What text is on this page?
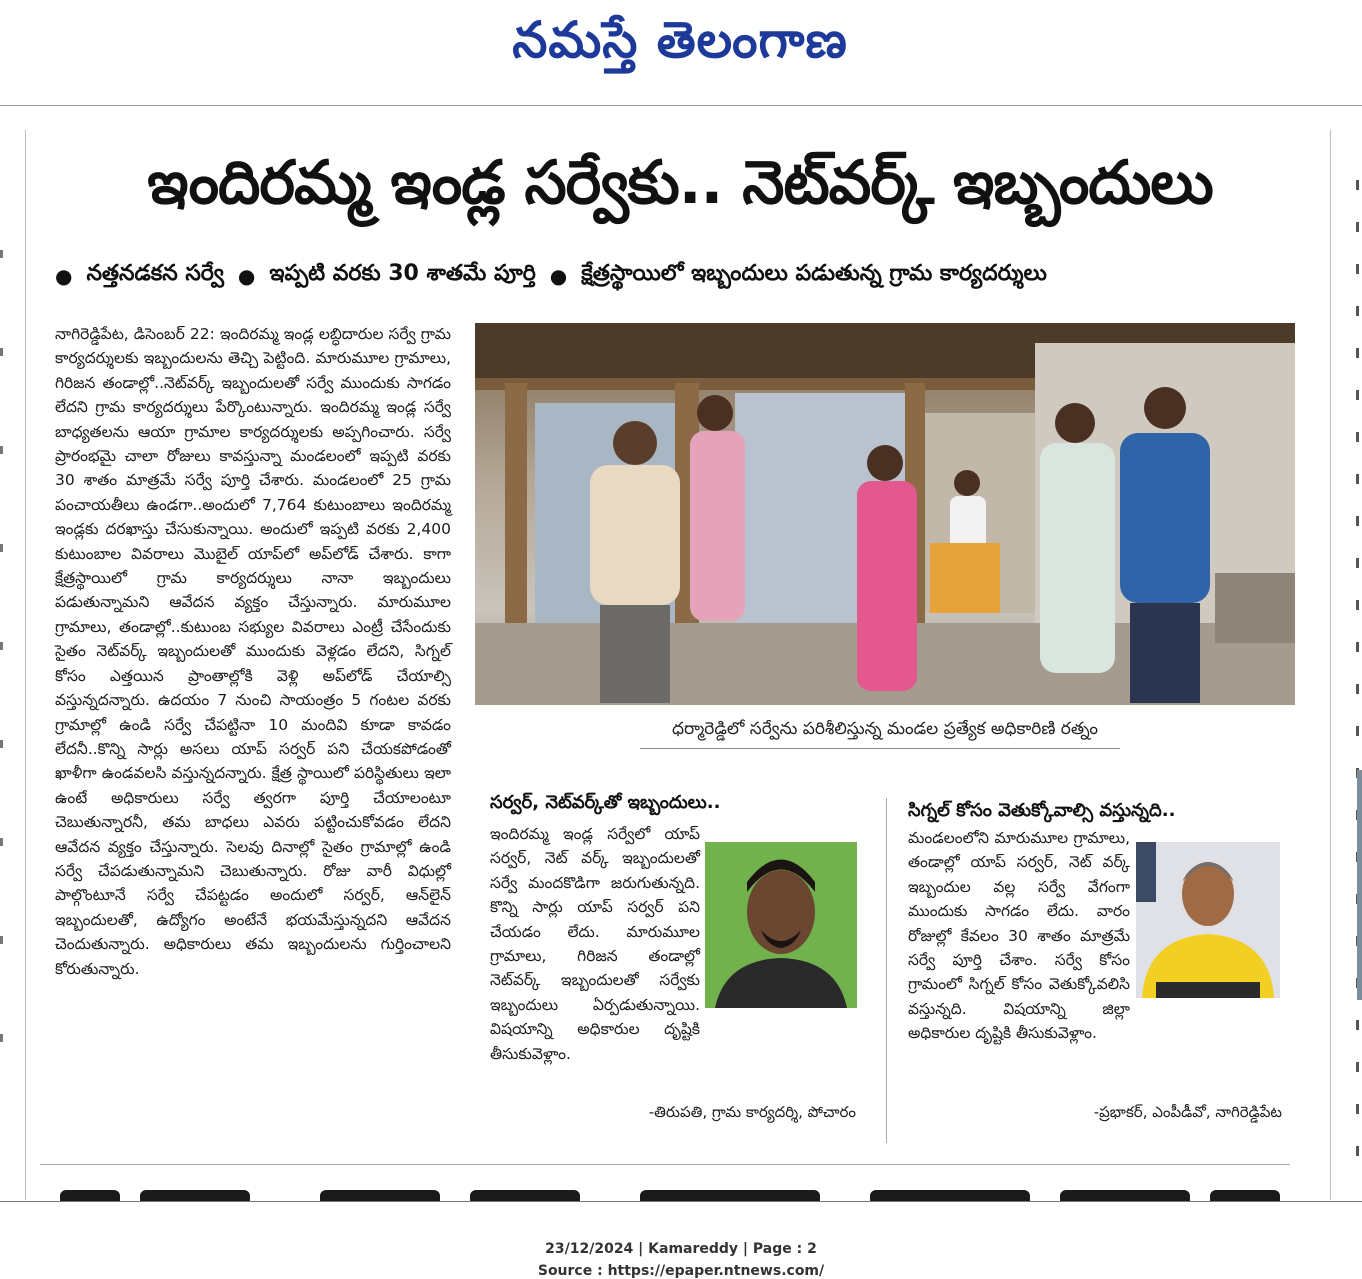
నమస్తే తెలంగాణ
ఇందిరమ్మ ఇండ్ల సర్వేకు.. నెట్‌వర్క్ ఇబ్బందులు
● నత్తనడకన సర్వే ● ఇప్పటి వరకు 30 శాతమే పూర్తి ● క్షేత్రస్థాయిలో ఇబ్బందులు పడుతున్న గ్రామ కార్యదర్శులు
నాగిరెడ్డిపేట, డిసెంబర్ 22: ఇందిరమ్మ ఇండ్ల లబ్ధిదారుల సర్వే గ్రామ కార్యదర్శులకు ఇబ్బందులను తెచ్చి పెట్టింది. మారుమూల గ్రామాలు, గిరిజన తండాల్లో..నెట్‌వర్క్ ఇబ్బందులతో సర్వే ముందుకు సాగడం లేదని గ్రామ కార్యదర్శులు పేర్కొంటున్నారు. ఇందిరమ్మ ఇండ్ల సర్వే బాధ్యతలను ఆయా గ్రామాల కార్యదర్శులకు అప్పగించారు. సర్వే ప్రారంభమై చాలా రోజులు కావస్తున్నా మండలంలో ఇప్పటి వరకు 30 శాతం మాత్రమే సర్వే పూర్తి చేశారు. మండలంలో 25 గ్రామ పంచాయతీలు ఉండగా..అందులో 7,764 కుటుంబాలు ఇందిరమ్మ ఇండ్లకు దరఖాస్తు చేసుకున్నాయి. అందులో ఇప్పటి వరకు 2,400 కుటుంబాల వివరాలు మొబైల్ యాప్‌లో అప్‌లోడ్ చేశారు. కాగా క్షేత్రస్థాయిలో గ్రామ కార్యదర్శులు నానా ఇబ్బందులు పడుతున్నామని ఆవేదన వ్యక్తం చేస్తున్నారు. మారుమూల గ్రామాలు, తండాల్లో..కుటుంబ సభ్యుల వివరాలు ఎంట్రీ చేసేందుకు సైతం నెట్‌వర్క్ ఇబ్బందులతో ముందుకు వెళ్లడం లేదని, సిగ్నల్ కోసం ఎత్తయిన ప్రాంతాల్లోకి వెళ్లి అప్‌లోడ్ చేయాల్సి వస్తున్నదన్నారు. ఉదయం 7 నుంచి సాయంత్రం 5 గంటల వరకు గ్రామాల్లో ఉండి సర్వే చేపట్టినా 10 మందివి కూడా కావడం లేదనీ..కొన్ని సార్లు అసలు యాప్ సర్వర్ పని చేయకపోడంతో ఖాళీగా ఉండవలసి వస్తున్నదన్నారు. క్షేత్ర స్థాయిలో పరిస్థితులు ఇలా ఉంటే అధికారులు సర్వే త్వరగా పూర్తి చేయాలంటూ చెబుతున్నారనీ, తమ బాధలు ఎవరు పట్టించుకోవడం లేదని ఆవేదన వ్యక్తం చేస్తున్నారు. సెలవు దినాల్లో సైతం గ్రామాల్లో ఉండి సర్వే చేపడుతున్నామని చెబుతున్నారు. రోజు వారీ విధుల్లో పాల్గొంటూనే సర్వే చేపట్టడం అందులో సర్వర్, ఆన్‌లైన్ ఇబ్బందులతో, ఉద్యోగం అంటేనే భయమేస్తున్నదని ఆవేదన చెందుతున్నారు. అధికారులు తమ ఇబ్బందులను గుర్తించాలని కోరుతున్నారు.
ధర్మారెడ్డిలో సర్వేను పరిశీలిస్తున్న మండల ప్రత్యేక అధికారిణి రత్నం
సర్వర్, నెట్‌వర్క్‌తో ఇబ్బందులు..
ఇందిరమ్మ ఇండ్ల సర్వేలో యాప్ సర్వర్, నెట్ వర్క్ ఇబ్బందులతో సర్వే మందకొడిగా జరుగుతున్నది. కొన్ని సార్లు యాప్ సర్వర్ పని చేయడం లేదు. మారుమూల గ్రామాలు, గిరిజన తండాల్లో నెట్‌వర్క్ ఇబ్బందులతో సర్వేకు ఇబ్బందులు ఏర్పడుతున్నాయి. విషయాన్ని అధికారుల దృష్టికి తీసుకువెళ్లాం.
-తిరుపతి, గ్రామ కార్యదర్శి, పోచారం
సిగ్నల్ కోసం వెతుక్కోవాల్సి వస్తున్నది..
మండలంలోని మారుమూల గ్రామాలు, తండాల్లో యాప్ సర్వర్, నెట్ వర్క్ ఇబ్బందుల వల్ల సర్వే వేగంగా ముందుకు సాగడం లేదు. వారం రోజుల్లో కేవలం 30 శాతం మాత్రమే సర్వే పూర్తి చేశాం. సర్వే కోసం గ్రామంలో సిగ్నల్ కోసం వెతుక్కోవలిసి వస్తున్నది. విషయాన్ని జిల్లా అధికారుల దృష్టికి తీసుకువెళ్లాం.
-ప్రభాకర్, ఎంపీడీవో, నాగిరెడ్డిపేట
23/12/2024 | Kamareddy | Page : 2
Source : https://epaper.ntnews.com/
